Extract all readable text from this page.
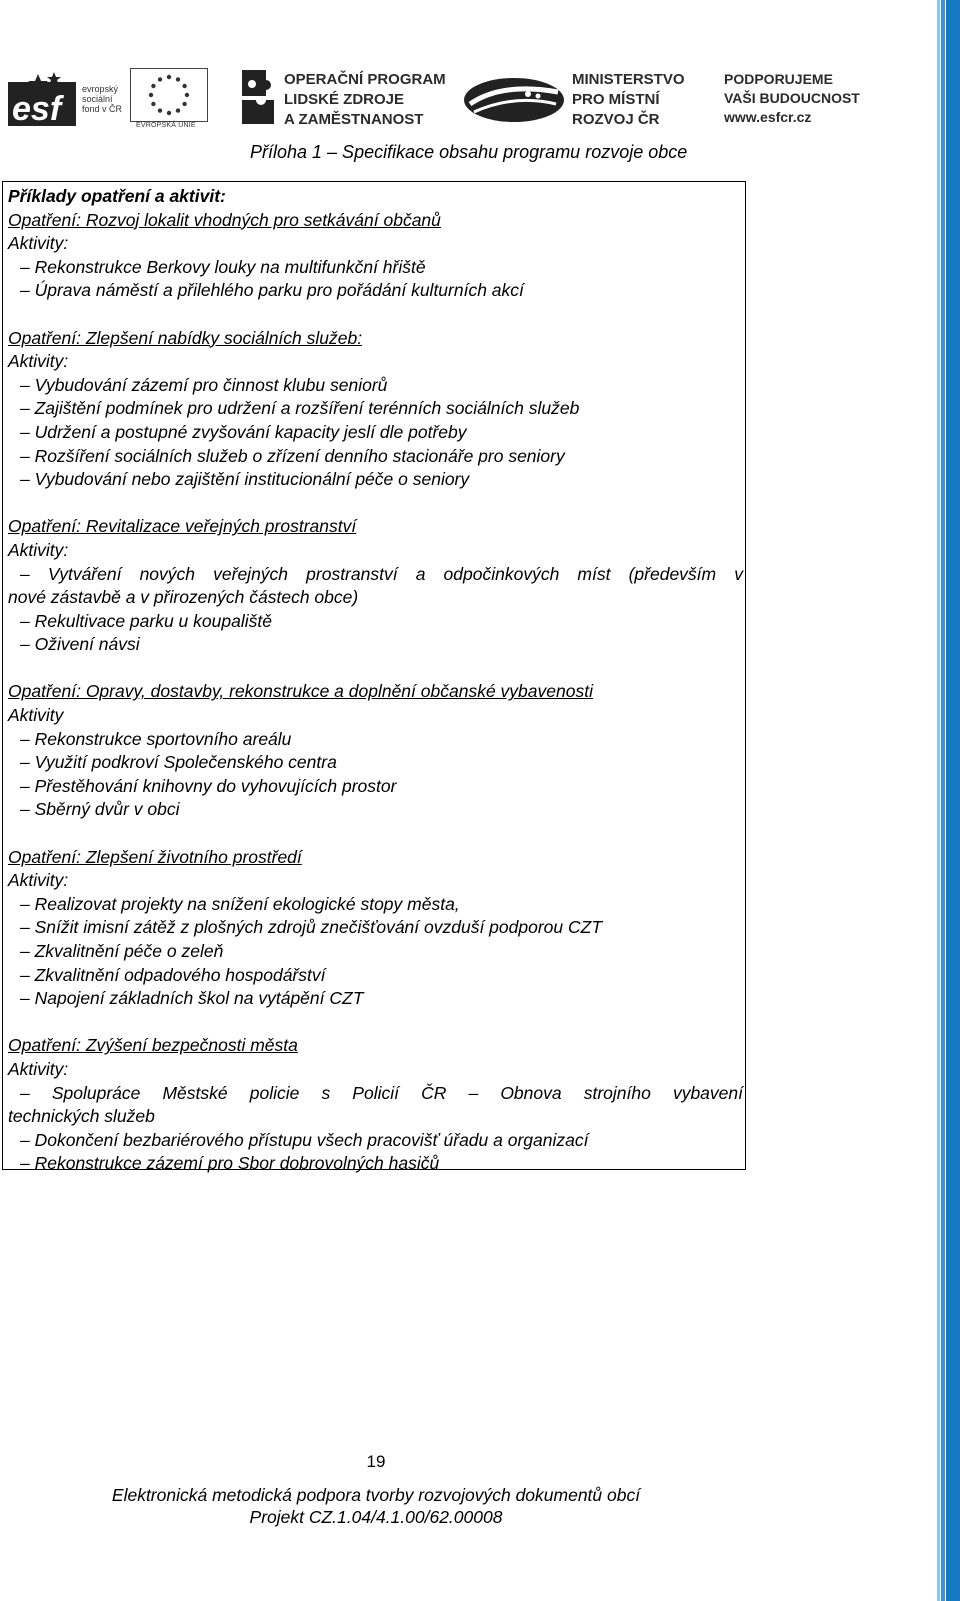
esf
evropský
sociální
fond v ČR
EVROPSKÁ UNIE
OPERAČNÍ PROGRAM
LIDSKÉ ZDROJE
A ZAMĚSTNANOST
MINISTERSTVO
PRO MÍSTNÍ
ROZVOJ ČR
PODPORUJEME
VAŠI BUDOUCNOST
www.esfcr.cz
Příloha 1 – Specifikace obsahu programu rozvoje obce

Příklady opatření a aktivit:

Opatření: Rozvoj lokalit vhodných pro setkávání občanů

Aktivity:

– Rekonstrukce Berkovy louky na multifunkční hřiště

– Úprava náměstí a přilehlého parku pro pořádání kulturních akcí

Opatření: Zlepšení nabídky sociálních služeb:

Aktivity:

– Vybudování zázemí pro činnost klubu seniorů

– Zajištění podmínek pro udržení a rozšíření terénních sociálních služeb

– Udržení a postupné zvyšování kapacity jeslí dle potřeby

– Rozšíření sociálních služeb o zřízení denního stacionáře pro seniory

– Vybudování nebo zajištění institucionální péče o seniory

Opatření: Revitalizace veřejných prostranství

Aktivity:

– Vytváření nových veřejných prostranství a odpočinkových míst (především v

nové zástavbě a v přirozených částech obce)

– Rekultivace parku u koupaliště

– Oživení návsi

Opatření: Opravy, dostavby, rekonstrukce a doplnění občanské vybavenosti

Aktivity

– Rekonstrukce sportovního areálu

– Využití podkroví Společenského centra

– Přestěhování knihovny do vyhovujících prostor

– Sběrný dvůr v obci

Opatření: Zlepšení životního prostředí

Aktivity:

– Realizovat projekty na snížení ekologické stopy města,

– Snížit imisní zátěž z plošných zdrojů znečišťování ovzduší podporou CZT

– Zkvalitnění péče o zeleň

– Zkvalitnění odpadového hospodářství

– Napojení základních škol na vytápění CZT

Opatření: Zvýšení bezpečnosti města

Aktivity:

– Spolupráce Městské policie s Policií ČR – Obnova strojního vybavení

technických služeb

– Dokončení bezbariérového přístupu všech pracovišť úřadu a organizací

– Rekonstrukce zázemí pro Sbor dobrovolných hasičů

19

Elektronická metodická podpora tvorby rozvojových dokumentů obcí

Projekt CZ.1.04/4.1.00/62.00008
